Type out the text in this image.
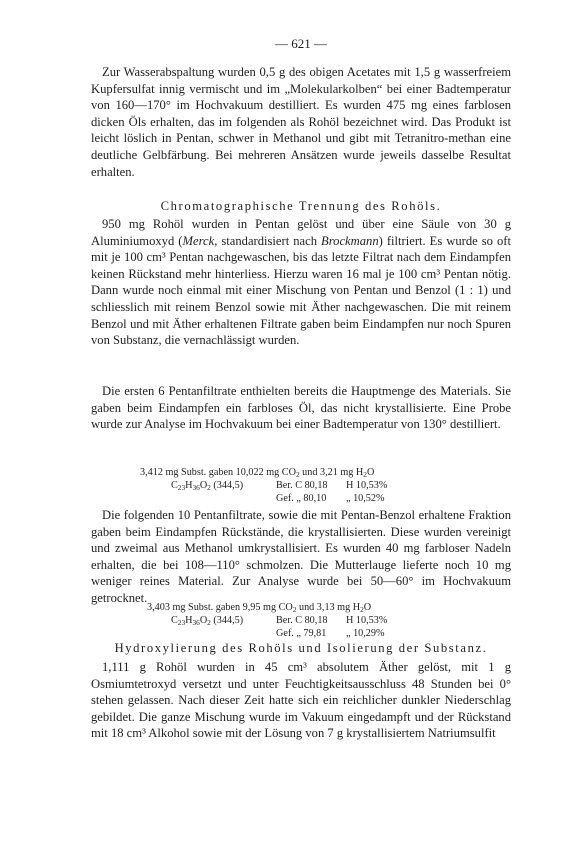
— 621 —

Zur Wasserabspaltung wurden 0,5 g des obigen Acetates mit 1,5 g wasserfreiem Kupfersulfat innig vermischt und im „Molekularkolben“ bei einer Badtemperatur von 160—170° im Hochvakuum destilliert. Es wurden 475 mg eines farblosen dicken Öls erhalten, das im folgenden als Rohöl bezeichnet wird. Das Produkt ist leicht löslich in Pentan, schwer in Methanol und gibt mit Tetranitro-methan eine deutliche Gelbfärbung. Bei mehreren Ansätzen wurde jeweils dasselbe Resultat erhalten.

Chromatographische Trennung des Rohöls.

950 mg Rohöl wurden in Pentan gelöst und über eine Säule von 30 g Aluminiumoxyd (Merck, standardisiert nach Brockmann) filtriert. Es wurde so oft mit je 100 cm³ Pentan nachgewaschen, bis das letzte Filtrat nach dem Eindampfen keinen Rückstand mehr hinterliess. Hierzu waren 16 mal je 100 cm³ Pentan nötig. Dann wurde noch einmal mit einer Mischung von Pentan und Benzol (1 : 1) und schliesslich mit reinem Benzol sowie mit Äther nachgewaschen. Die mit reinem Benzol und mit Äther erhaltenen Filtrate gaben beim Eindampfen nur noch Spuren von Substanz, die vernachlässigt wurden.

Die ersten 6 Pentanfiltrate enthielten bereits die Hauptmenge des Materials. Sie gaben beim Eindampfen ein farbloses Öl, das nicht krystallisierte. Eine Probe wurde zur Analyse im Hochvakuum bei einer Badtemperatur von 130° destilliert.

3,412 mg Subst. gaben 10,022 mg $CO_2$ und 3,21 mg $H_2O$
$C_{23}H_{36}O_2$ (344,5)	Ber. C 80,18 H 10,53%
Gef. „ 80,10 „ 10,52%

Die folgenden 10 Pentanfiltrate, sowie die mit Pentan-Benzol erhaltene Fraktion gaben beim Eindampfen Rückstände, die krystallisierten. Diese wurden vereinigt und zweimal aus Methanol umkrystallisiert. Es wurden 40 mg farbloser Nadeln erhalten, die bei 108—110° schmolzen. Die Mutterlauge lieferte noch 10 mg weniger reines Material. Zur Analyse wurde bei 50—60° im Hochvakuum getrocknet.

3,403 mg Subst. gaben 9,95 mg $CO_2$ und 3,13 mg $H_2O$
$C_{23}H_{36}O_2$ (344,5)	Ber. C 80,18 H 10,53%
Gef. „ 79,81 „ 10,29%

Hydroxylierung des Rohöls und Isolierung der Substanz.

1,111 g Rohöl wurden in 45 cm³ absolutem Äther gelöst, mit 1 g Osmiumtetroxyd versetzt und unter Feuchtigkeitsausschluss 48 Stunden bei 0° stehen gelassen. Nach dieser Zeit hatte sich ein reichlicher dunkler Niederschlag gebildet. Die ganze Mischung wurde im Vakuum eingedampft und der Rückstand mit 18 cm³ Alkohol sowie mit der Lösung von 7 g krystallisiertem Natriumsulfit
